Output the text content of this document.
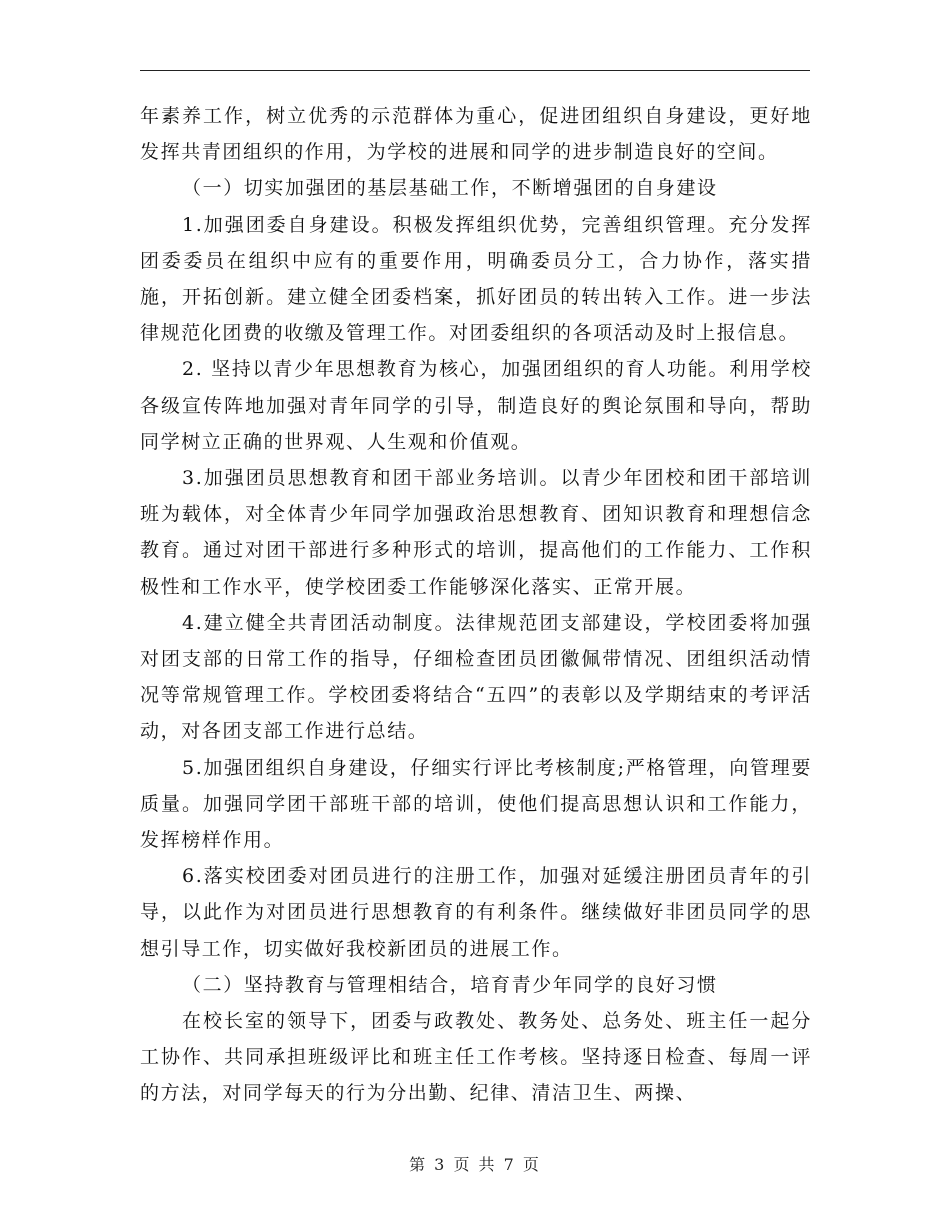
年素养工作，树立优秀的示范群体为重心，促进团组织自身建设，更好地发挥共青团组织的作用，为学校的进展和同学的进步制造良好的空间。

（一）切实加强团的基层基础工作，不断增强团的自身建设

1.加强团委自身建设。积极发挥组织优势，完善组织管理。充分发挥团委委员在组织中应有的重要作用，明确委员分工，合力协作，落实措施，开拓创新。建立健全团委档案，抓好团员的转出转入工作。进一步法律规范化团费的收缴及管理工作。对团委组织的各项活动及时上报信息。

2. 坚持以青少年思想教育为核心，加强团组织的育人功能。利用学校各级宣传阵地加强对青年同学的引导，制造良好的舆论氛围和导向，帮助同学树立正确的世界观、人生观和价值观。

3.加强团员思想教育和团干部业务培训。以青少年团校和团干部培训班为载体，对全体青少年同学加强政治思想教育、团知识教育和理想信念教育。通过对团干部进行多种形式的培训，提高他们的工作能力、工作积极性和工作水平，使学校团委工作能够深化落实、正常开展。

4.建立健全共青团活动制度。法律规范团支部建设，学校团委将加强对团支部的日常工作的指导，仔细检查团员团徽佩带情况、团组织活动情况等常规管理工作。学校团委将结合“五四”的表彰以及学期结束的考评活动，对各团支部工作进行总结。

5.加强团组织自身建设，仔细实行评比考核制度;严格管理，向管理要质量。加强同学团干部班干部的培训，使他们提高思想认识和工作能力，发挥榜样作用。

6.落实校团委对团员进行的注册工作，加强对延缓注册团员青年的引导，以此作为对团员进行思想教育的有利条件。继续做好非团员同学的思想引导工作，切实做好我校新团员的进展工作。

（二）坚持教育与管理相结合，培育青少年同学的良好习惯

在校长室的领导下，团委与政教处、教务处、总务处、班主任一起分工协作、共同承担班级评比和班主任工作考核。坚持逐日检查、每周一评的方法，对同学每天的行为分出勤、纪律、清洁卫生、两操、

第 3 页 共 7 页
